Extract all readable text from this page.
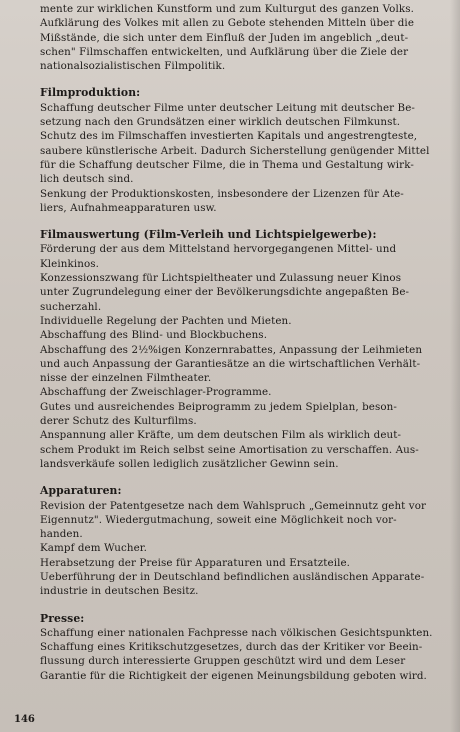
mente zur wirklichen Kunstform und zum Kulturgut des ganzen Volks.
Aufklärung des Volkes mit allen zu Gebote stehenden Mitteln über die
Mißstände, die sich unter dem Einfluß der Juden im angeblich „deut-
schen" Filmschaffen entwickelten, und Aufklärung über die Ziele der
nationalsozialistischen Filmpolitik.
Filmproduktion:
Schaffung deutscher Filme unter deutscher Leitung mit deutscher Be-
setzung nach den Grundsätzen einer wirklich deutschen Filmkunst.
Schutz des im Filmschaffen investierten Kapitals und angestrengteste,
saubere künstlerische Arbeit. Dadurch Sicherstellung genügender Mittel
für die Schaffung deutscher Filme, die in Thema und Gestaltung wirk-
lich deutsch sind.
Senkung der Produktionskosten, insbesondere der Lizenzen für Ate-
liers, Aufnahmeapparaturen usw.
Filmauswertung (Film-Verleih und Lichtspielgewerbe):
Förderung der aus dem Mittelstand hervorgegangenen Mittel- und
Kleinkinos.
Konzessionszwang für Lichtspieltheater und Zulassung neuer Kinos
unter Zugrundelegung einer der Bevölkerungsdichte angepaßten Be-
sucherzahl.
Individuelle Regelung der Pachten und Mieten.
Abschaffung des Blind- und Blockbuchens.
Abschaffung des 2½%igen Konzernrabattes, Anpassung der Leihmieten
und auch Anpassung der Garantiesätze an die wirtschaftlichen Verhält-
nisse der einzelnen Filmtheater.
Abschaffung der Zweischlager-Programme.
Gutes und ausreichendes Beiprogramm zu jedem Spielplan, beson-
derer Schutz des Kulturfilms.
Anspannung aller Kräfte, um dem deutschen Film als wirklich deut-
schem Produkt im Reich selbst seine Amortisation zu verschaffen. Aus-
landsverkäufe sollen lediglich zusätzlicher Gewinn sein.
Apparaturen:
Revision der Patentgesetze nach dem Wahlspruch „Gemeinnutz geht vor
Eigennutz". Wiedergutmachung, soweit eine Möglichkeit noch vor-
handen.
Kampf dem Wucher.
Herabsetzung der Preise für Apparaturen und Ersatzteile.
Ueberführung der in Deutschland befindlichen ausländischen Apparate-
industrie in deutschen Besitz.
Presse:
Schaffung einer nationalen Fachpresse nach völkischen Gesichtspunkten.
Schaffung eines Kritikschutzgesetzes, durch das der Kritiker vor Beein-
flussung durch interessierte Gruppen geschützt wird und dem Leser
Garantie für die Richtigkeit der eigenen Meinungsbildung geboten wird.
146
